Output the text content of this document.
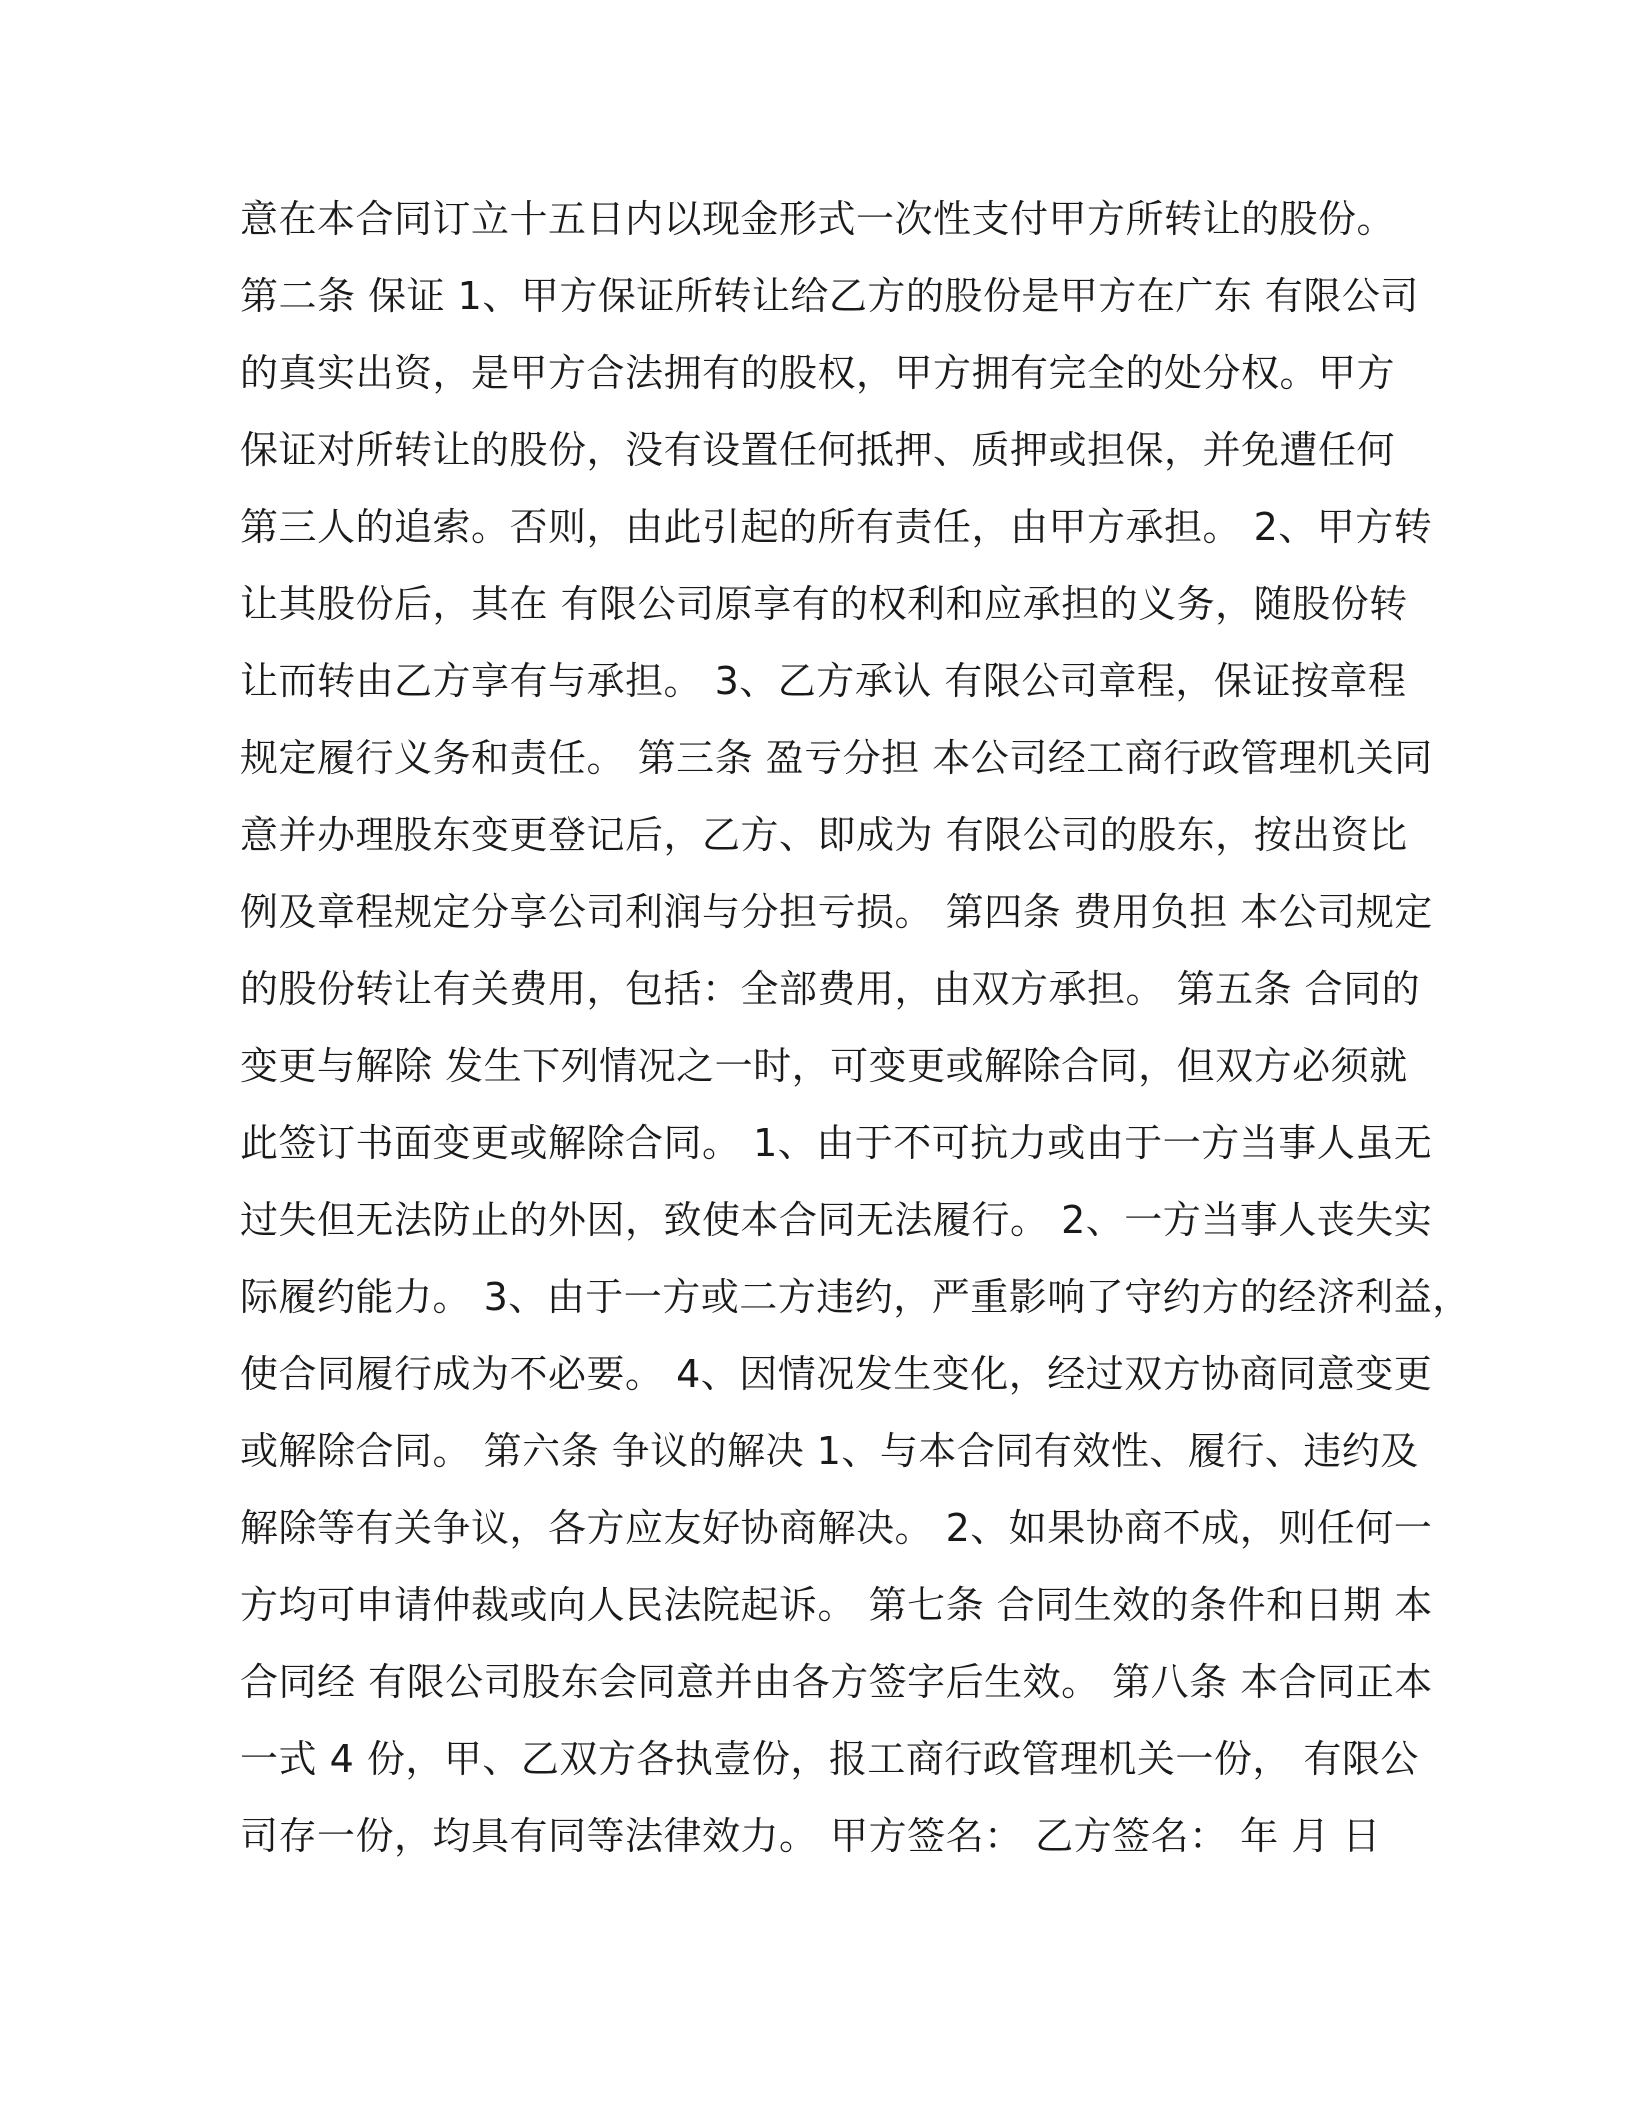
意在本合同订立十五日内以现金形式一次性支付甲方所转让的股份。
第二条 保证 1、甲方保证所转让给乙方的股份是甲方在广东 有限公司
的真实出资，是甲方合法拥有的股权，甲方拥有完全的处分权。甲方
保证对所转让的股份，没有设置任何抵押、质押或担保，并免遭任何
第三人的追索。否则，由此引起的所有责任，由甲方承担。 2、甲方转
让其股份后，其在 有限公司原享有的权利和应承担的义务，随股份转
让而转由乙方享有与承担。 3、乙方承认 有限公司章程，保证按章程
规定履行义务和责任。 第三条 盈亏分担 本公司经工商行政管理机关同
意并办理股东变更登记后，乙方、即成为 有限公司的股东，按出资比
例及章程规定分享公司利润与分担亏损。 第四条 费用负担 本公司规定
的股份转让有关费用，包括：全部费用，由双方承担。 第五条 合同的
变更与解除 发生下列情况之一时，可变更或解除合同，但双方必须就
此签订书面变更或解除合同。 1、由于不可抗力或由于一方当事人虽无
过失但无法防止的外因，致使本合同无法履行。 2、一方当事人丧失实
际履约能力。 3、由于一方或二方违约，严重影响了守约方的经济利益，
使合同履行成为不必要。 4、因情况发生变化，经过双方协商同意变更
或解除合同。 第六条 争议的解决 1、与本合同有效性、履行、违约及
解除等有关争议，各方应友好协商解决。 2、如果协商不成，则任何一
方均可申请仲裁或向人民法院起诉。 第七条 合同生效的条件和日期 本
合同经 有限公司股东会同意并由各方签字后生效。 第八条 本合同正本
一式 4 份，甲、乙双方各执壹份，报工商行政管理机关一份， 有限公
司存一份，均具有同等法律效力。 甲方签名： 乙方签名： 年 月 日
